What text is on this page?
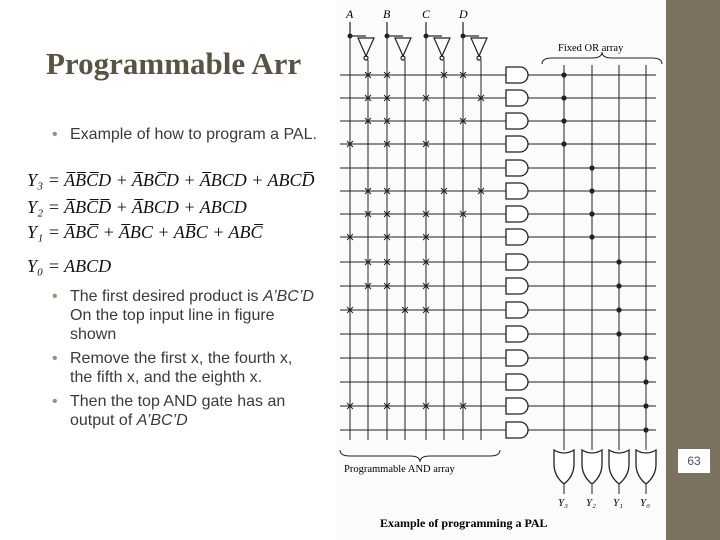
A B	C D
Fixed OR array
Y₃ Y₂ Y₁ Y₀
Programmable AND array
Example of programming a PAL
Programmable Arr
• Example of how to program a PAL.
Y₃ = A̅B̅C̅D + A̅BC̅D + A̅BCD + ABCD̅
Y₂ = A̅BC̅D̅ + A̅BCD + ABCD
Y₁ = A̅BC̅ + A̅BC + AB̅C + ABC̅
Y₀ = ABCD
• The first desired product is A’BC’D On the top input line in figure shown
• Remove the first x, the fourth x, the fifth x, and the eighth x.
• Then the top AND gate has an output of A’BC’D
63
